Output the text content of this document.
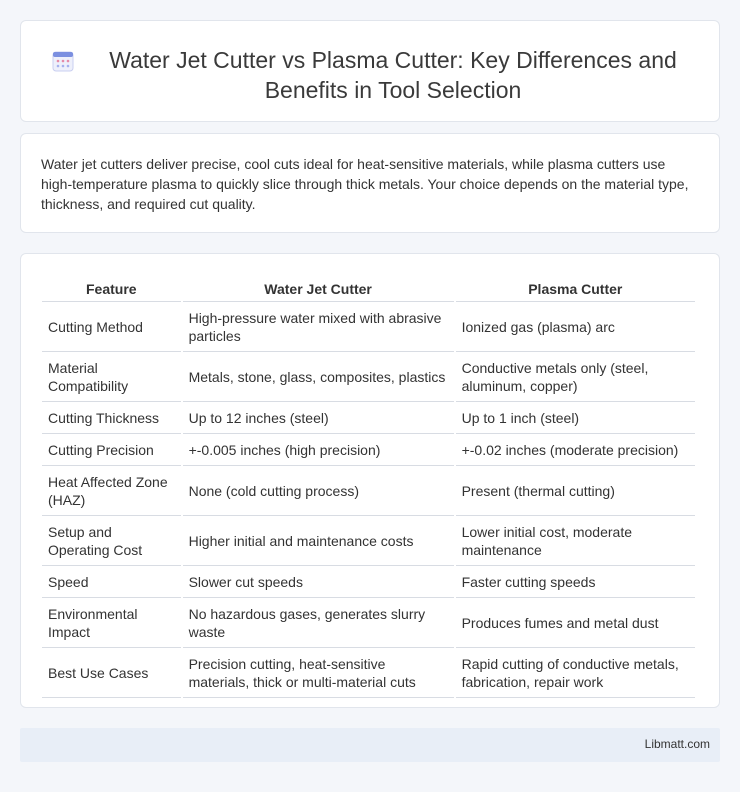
Water Jet Cutter vs Plasma Cutter: Key Differences and Benefits in Tool Selection

Water jet cutters deliver precise, cool cuts ideal for heat-sensitive materials, while plasma cutters use high-temperature plasma to quickly slice through thick metals. Your choice depends on the material type, thickness, and required cut quality.

Feature	Water Jet Cutter	Plasma Cutter
Cutting Method	High-pressure water mixed with abrasive particles	Ionized gas (plasma) arc
Material Compatibility	Metals, stone, glass, composites, plastics	Conductive metals only (steel, aluminum, copper)
Cutting Thickness	Up to 12 inches (steel)	Up to 1 inch (steel)
Cutting Precision	+-0.005 inches (high precision)	+-0.02 inches (moderate precision)
Heat Affected Zone (HAZ)	None (cold cutting process)	Present (thermal cutting)
Setup and Operating Cost	Higher initial and maintenance costs	Lower initial cost, moderate maintenance
Speed	Slower cut speeds	Faster cutting speeds
Environmental Impact	No hazardous gases, generates slurry waste	Produces fumes and metal dust
Best Use Cases	Precision cutting, heat-sensitive materials, thick or multi-material cuts	Rapid cutting of conductive metals, fabrication, repair work
Libmatt.com
